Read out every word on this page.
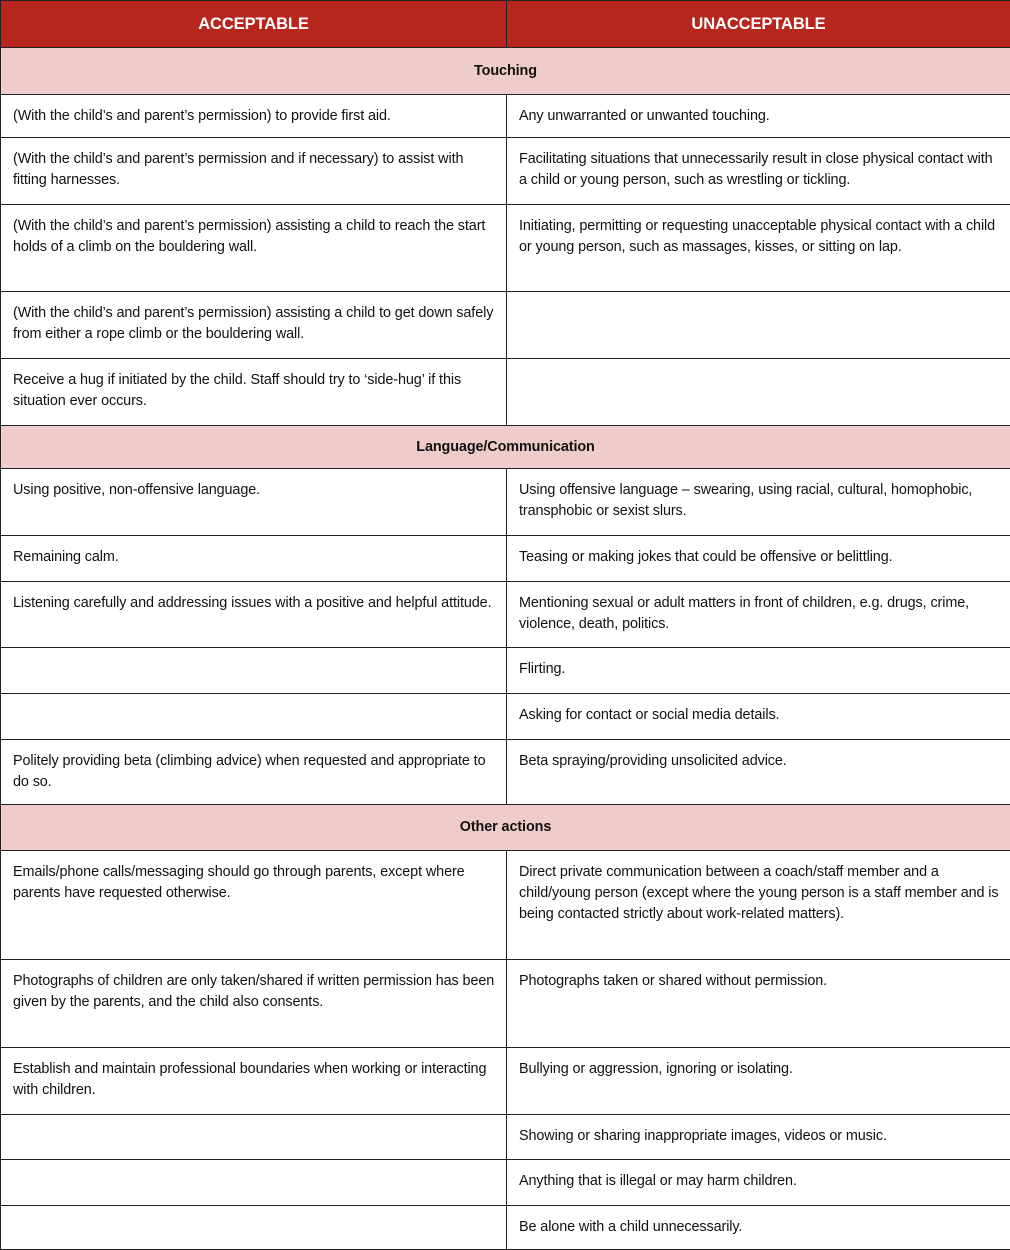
ACCEPTABLE	UNACCEPTABLE
Touching	
(With the child’s and parent’s permission) to provide first aid.	Any unwarranted or unwanted touching.
(With the child’s and parent’s permission and if necessary) to assist with fitting harnesses.	Facilitating situations that unnecessarily result in close physical contact with a child or young person, such as wrestling or tickling.
(With the child’s and parent’s permission) assisting a child to reach the start holds of a climb on the bouldering wall.	Initiating, permitting or requesting unacceptable physical contact with a child or young person, such as massages, kisses, or sitting on lap.
(With the child’s and parent’s permission) assisting a child to get down safely from either a rope climb or the bouldering wall.	
Receive a hug if initiated by the child. Staff should try to ‘side-hug’ if this situation ever occurs.	
Language/Communication	
Using positive, non-offensive language.	Using offensive language – swearing, using racial, cultural, homophobic, transphobic or sexist slurs.
Remaining calm.	Teasing or making jokes that could be offensive or belittling.
Listening carefully and addressing issues with a positive and helpful attitude.	Mentioning sexual or adult matters in front of children, e.g. drugs, crime, violence, death, politics.
	Flirting.
	Asking for contact or social media details.
Politely providing beta (climbing advice) when requested and appropriate to do so.	Beta spraying/providing unsolicited advice.
Other actions	
Emails/phone calls/messaging should go through parents, except where parents have requested otherwise.	Direct private communication between a coach/staff member and a child/young person (except where the young person is a staff member and is being contacted strictly about work-related matters).
Photographs of children are only taken/shared if written permission has been given by the parents, and the child also consents.	Photographs taken or shared without permission.
Establish and maintain professional boundaries when working or interacting with children.	Bullying or aggression, ignoring or isolating.
	Showing or sharing inappropriate images, videos or music.
	Anything that is illegal or may harm children.
	Be alone with a child unnecessarily.
